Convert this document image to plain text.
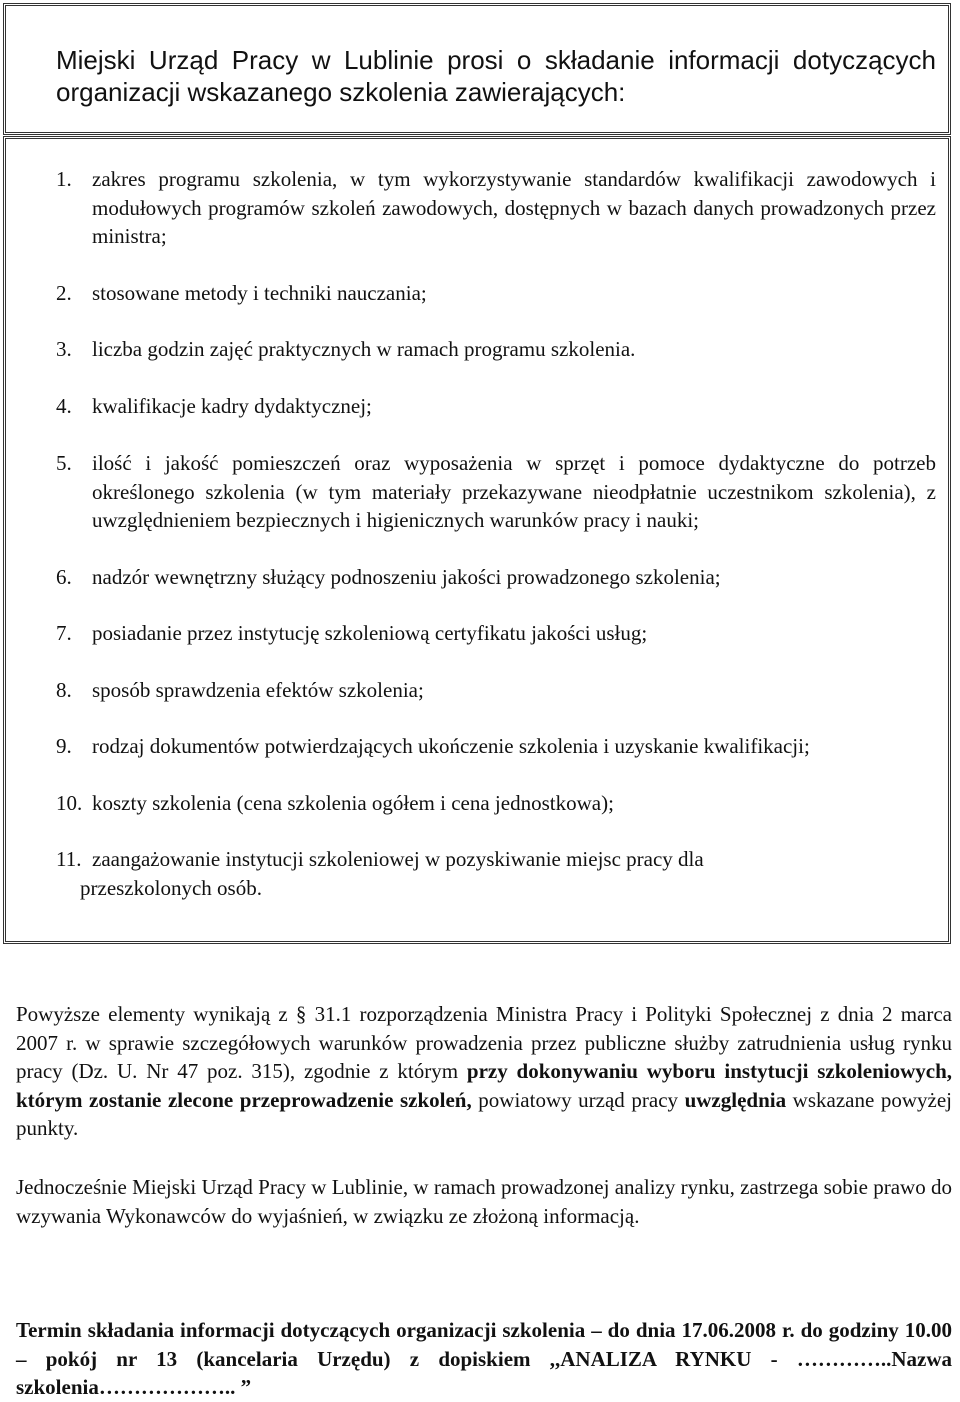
Miejski Urząd Pracy w Lublinie prosi o składanie informacji dotyczących organizacji wskazanego szkolenia zawierających:

1. zakres programu szkolenia, w tym wykorzystywanie standardów kwalifikacji zawodowych i modułowych programów szkoleń zawodowych, dostępnych w bazach danych prowadzonych przez ministra;
2. stosowane metody i techniki nauczania;
3. liczba godzin zajęć praktycznych w ramach programu szkolenia.
4. kwalifikacje kadry dydaktycznej;
5. ilość i jakość pomieszczeń oraz wyposażenia w sprzęt i pomoce dydaktyczne do potrzeb określonego szkolenia (w tym materiały przekazywane nieodpłatnie uczestnikom szkolenia), z uwzględnieniem bezpiecznych i higienicznych warunków pracy i nauki;
6. nadzór wewnętrzny służący podnoszeniu jakości prowadzonego szkolenia;
7. posiadanie przez instytucję szkoleniową certyfikatu jakości usług;
8. sposób sprawdzenia efektów szkolenia;
9. rodzaj dokumentów potwierdzających ukończenie szkolenia i uzyskanie kwalifikacji;
10. koszty szkolenia (cena szkolenia ogółem i cena jednostkowa);
11. zaangażowanie instytucji szkoleniowej w pozyskiwanie miejsc pracy dla
przeszkolonych osób.

Powyższe elementy wynikają z § 31.1 rozporządzenia Ministra Pracy i Polityki Społecznej z dnia 2 marca 2007 r. w sprawie szczegółowych warunków prowadzenia przez publiczne służby zatrudnienia usług rynku pracy (Dz. U. Nr 47 poz. 315), zgodnie z którym przy dokonywaniu wyboru instytucji szkoleniowych, którym zostanie zlecone przeprowadzenie szkoleń, powiatowy urząd pracy uwzględnia wskazane powyżej punkty.

Jednocześnie Miejski Urząd Pracy w Lublinie, w ramach prowadzonej analizy rynku, zastrzega sobie prawo do wzywania Wykonawców do wyjaśnień, w związku ze złożoną informacją.

Termin składania informacji dotyczących organizacji szkolenia – do dnia 17.06.2008 r. do godziny 10.00 – pokój nr 13 (kancelaria Urzędu) z dopiskiem ,,ANALIZA RYNKU - …………..Nazwa szkolenia……………….. ”
